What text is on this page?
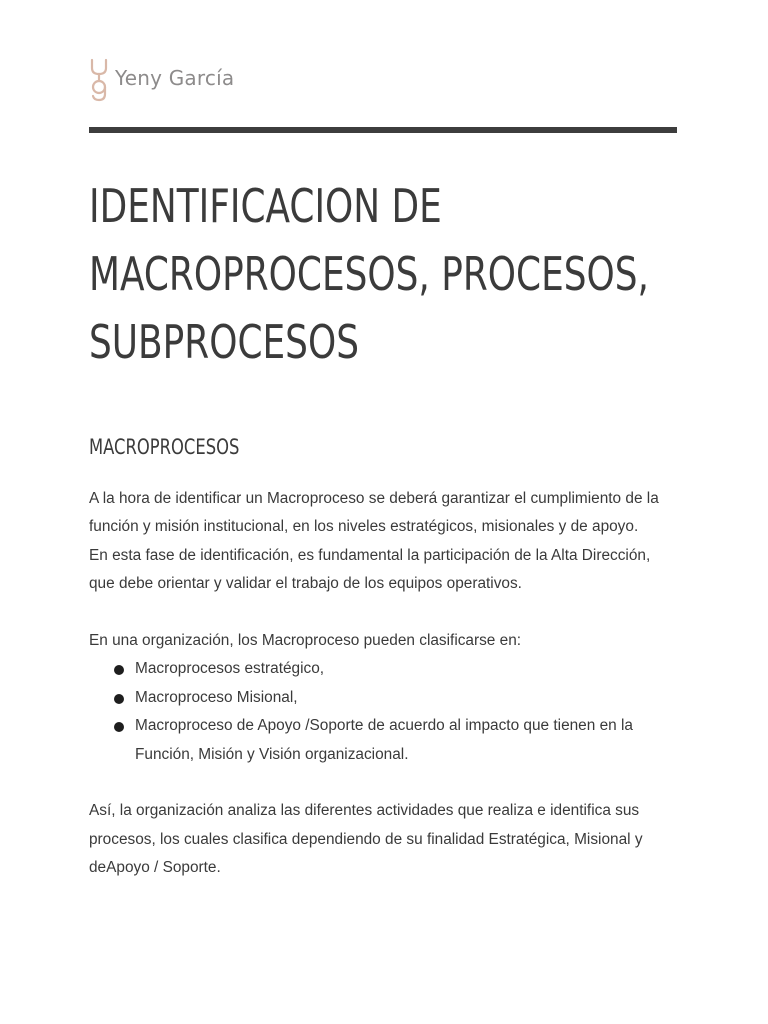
Yeny García
IDENTIFICACION DE
MACROPROCESOS, PROCESOS,
SUBPROCESOS
MACROPROCESOS

A la hora de identificar un Macroproceso se deberá garantizar el cumplimiento de la función y misión institucional, en los niveles estratégicos, misionales y de apoyo.

En esta fase de identificación, es fundamental la participación de la Alta Dirección, que debe orientar y validar el trabajo de los equipos operativos.

En una organización, los Macroproceso pueden clasificarse en:

Macroprocesos estratégico,
Macroproceso Misional,
Macroproceso de Apoyo /Soporte de acuerdo al impacto que tienen en la Función, Misión y Visión organizacional.

Así, la organización analiza las diferentes actividades que realiza e identifica sus procesos, los cuales clasifica dependiendo de su finalidad Estratégica, Misional y deApoyo / Soporte.
